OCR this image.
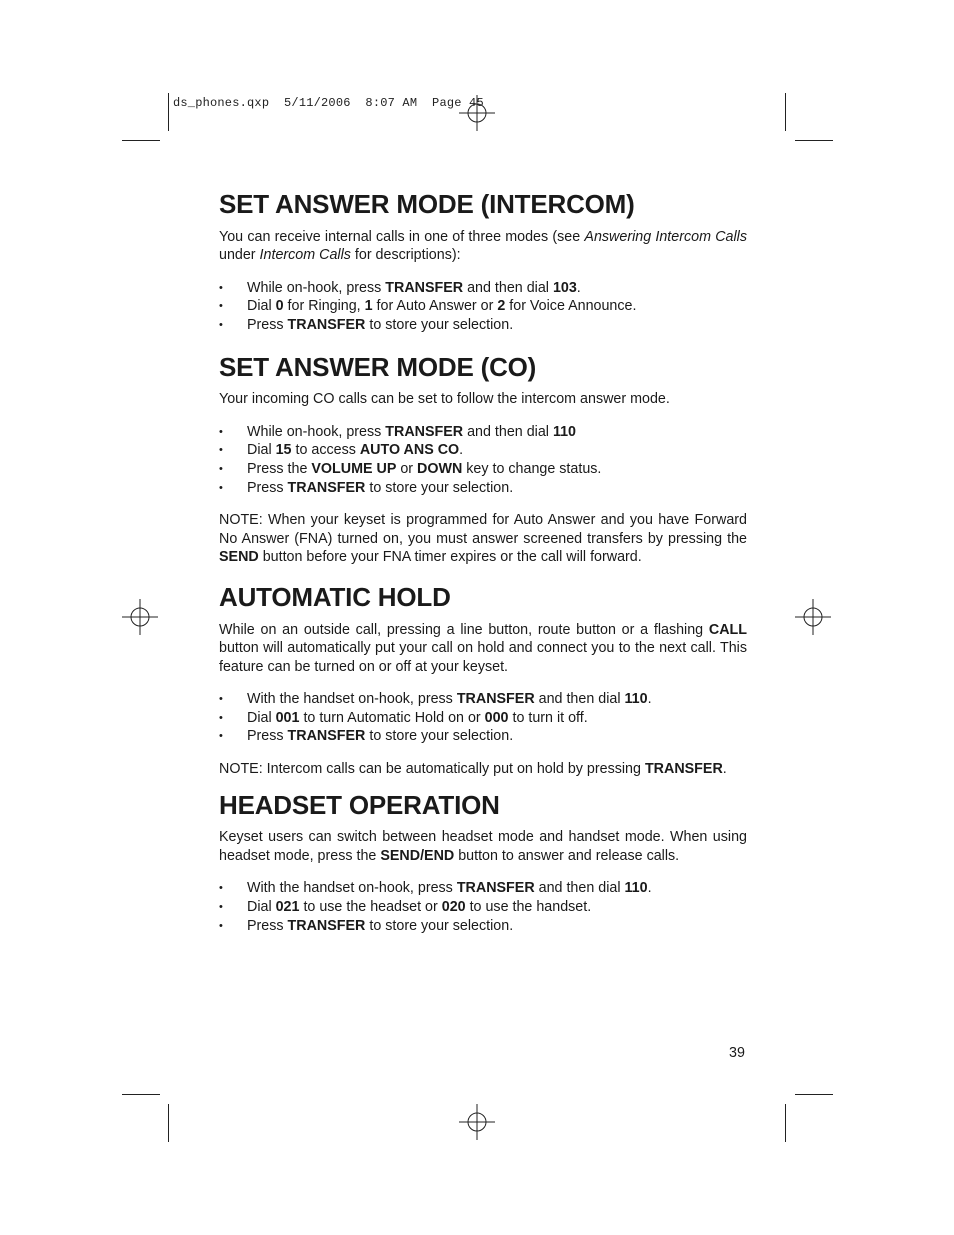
ds_phones.qxp  5/11/2006  8:07 AM  Page 45
SET ANSWER MODE (INTERCOM)

You can receive internal calls in one of three modes (see Answering Intercom Calls under Intercom Calls for descriptions):

• While on-hook, press TRANSFER and then dial 103.
• Dial 0 for Ringing, 1 for Auto Answer or 2 for Voice Announce.
• Press TRANSFER to store your selection.
SET ANSWER MODE (CO)

Your incoming CO calls can be set to follow the intercom answer mode.

• While on-hook, press TRANSFER and then dial 110
• Dial 15 to access AUTO ANS CO.
• Press the VOLUME UP or DOWN key to change status.
• Press TRANSFER to store your selection.

NOTE: When your keyset is programmed for Auto Answer and you have Forward No Answer (FNA) turned on, you must answer screened transfers by pressing the SEND button before your FNA timer expires or the call will forward.

AUTOMATIC HOLD

While on an outside call, pressing a line button, route button or a flashing CALL button will automatically put your call on hold and connect you to the next call. This feature can be turned on or off at your keyset.

• With the handset on-hook, press TRANSFER and then dial 110.
• Dial 001 to turn Automatic Hold on or 000 to turn it off.
• Press TRANSFER to store your selection.

NOTE: Intercom calls can be automatically put on hold by pressing TRANSFER.

HEADSET OPERATION

Keyset users can switch between headset mode and handset mode. When using headset mode, press the SEND/END button to answer and release calls.

• With the handset on-hook, press TRANSFER and then dial 110.
• Dial 021 to use the headset or 020 to use the handset.
• Press TRANSFER to store your selection.
39
